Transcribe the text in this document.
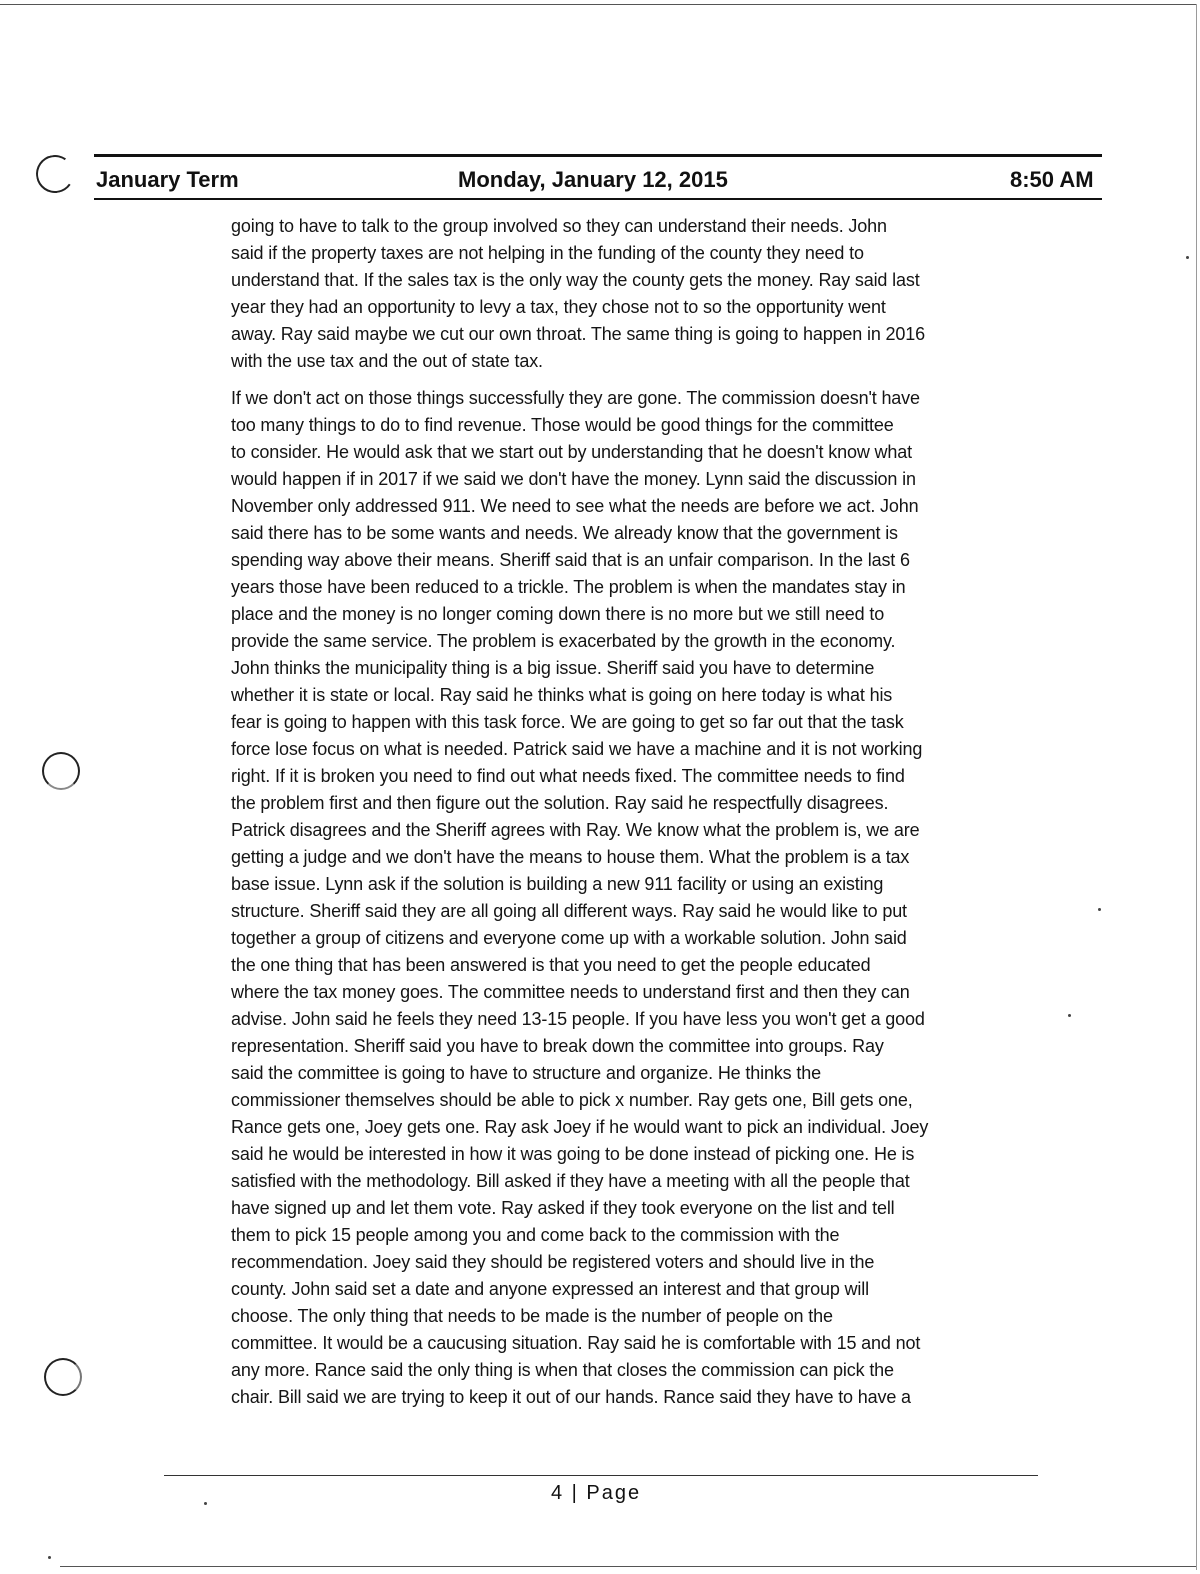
January Term	Monday, January 12, 2015	8:50 AM

going to have to talk to the group involved so they can understand their needs. John
said if the property taxes are not helping in the funding of the county they need to
understand that. If the sales tax is the only way the county gets the money. Ray said last
year they had an opportunity to levy a tax, they chose not to so the opportunity went
away. Ray said maybe we cut our own throat. The same thing is going to happen in 2016
with the use tax and the out of state tax.

If we don't act on those things successfully they are gone. The commission doesn't have
too many things to do to find revenue. Those would be good things for the committee
to consider. He would ask that we start out by understanding that he doesn't know what
would happen if in 2017 if we said we don't have the money. Lynn said the discussion in
November only addressed 911. We need to see what the needs are before we act. John
said there has to be some wants and needs. We already know that the government is
spending way above their means. Sheriff said that is an unfair comparison. In the last 6
years those have been reduced to a trickle. The problem is when the mandates stay in
place and the money is no longer coming down there is no more but we still need to
provide the same service. The problem is exacerbated by the growth in the economy.
John thinks the municipality thing is a big issue. Sheriff said you have to determine
whether it is state or local. Ray said he thinks what is going on here today is what his
fear is going to happen with this task force. We are going to get so far out that the task
force lose focus on what is needed. Patrick said we have a machine and it is not working
right. If it is broken you need to find out what needs fixed. The committee needs to find
the problem first and then figure out the solution. Ray said he respectfully disagrees.
Patrick disagrees and the Sheriff agrees with Ray. We know what the problem is, we are
getting a judge and we don't have the means to house them. What the problem is a tax
base issue. Lynn ask if the solution is building a new 911 facility or using an existing
structure. Sheriff said they are all going all different ways. Ray said he would like to put
together a group of citizens and everyone come up with a workable solution. John said
the one thing that has been answered is that you need to get the people educated
where the tax money goes. The committee needs to understand first and then they can
advise. John said he feels they need 13-15 people. If you have less you won't get a good
representation. Sheriff said you have to break down the committee into groups. Ray
said the committee is going to have to structure and organize. He thinks the
commissioner themselves should be able to pick x number. Ray gets one, Bill gets one,
Rance gets one, Joey gets one. Ray ask Joey if he would want to pick an individual. Joey
said he would be interested in how it was going to be done instead of picking one. He is
satisfied with the methodology. Bill asked if they have a meeting with all the people that
have signed up and let them vote. Ray asked if they took everyone on the list and tell
them to pick 15 people among you and come back to the commission with the
recommendation. Joey said they should be registered voters and should live in the
county. John said set a date and anyone expressed an interest and that group will
choose. The only thing that needs to be made is the number of people on the
committee. It would be a caucusing situation. Ray said he is comfortable with 15 and not
any more. Rance said the only thing is when that closes the commission can pick the
chair. Bill said we are trying to keep it out of our hands. Rance said they have to have a

4 | Page
